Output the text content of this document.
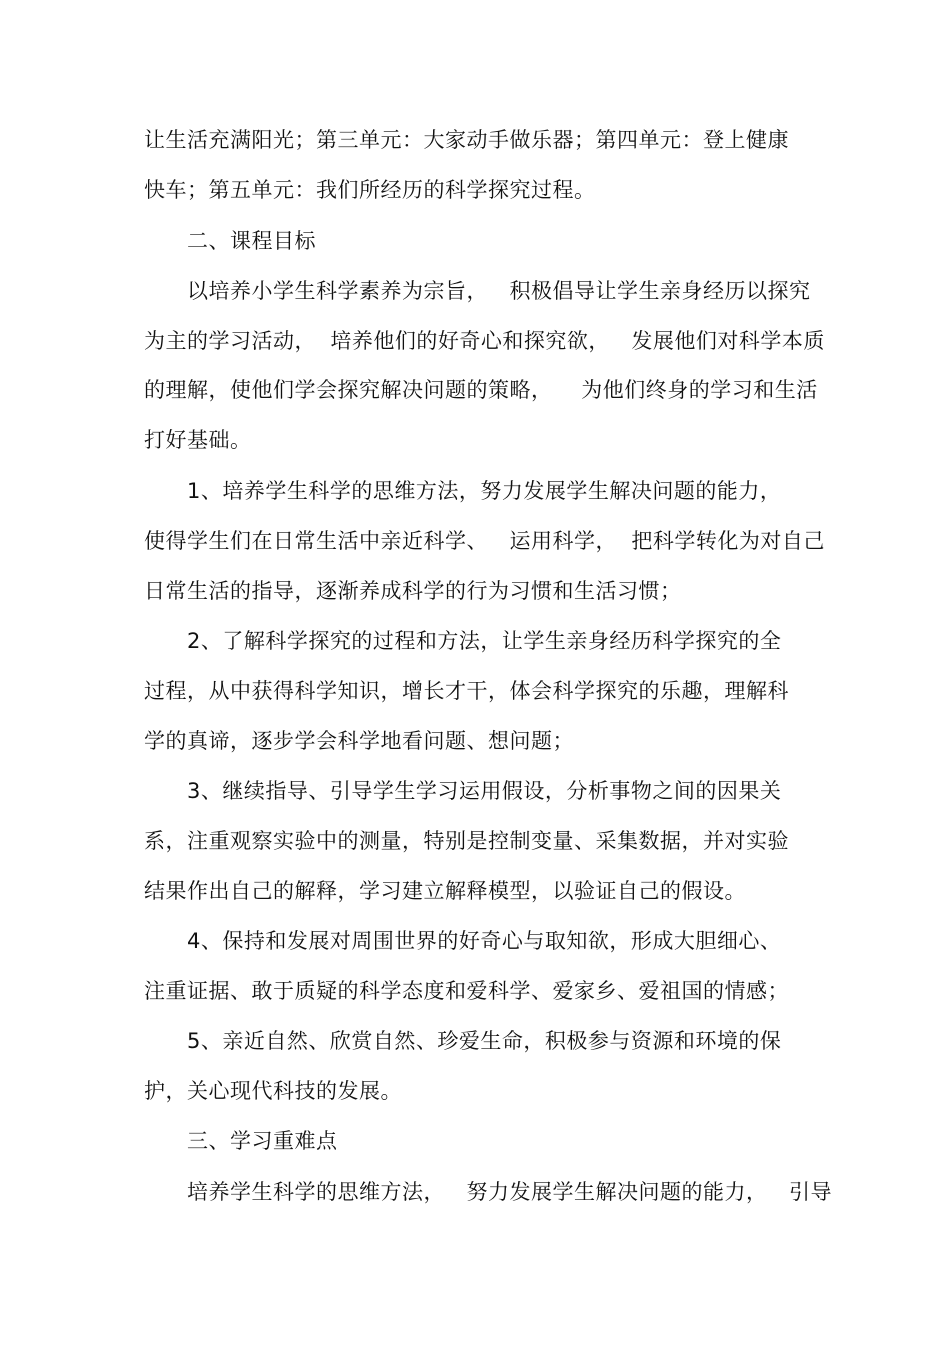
让生活充满阳光；第三单元：大家动手做乐器；第四单元：登上健康
快车；第五单元：我们所经历的科学探究过程。
二、课程目标
以培养小学生科学素养为宗旨，   积极倡导让学生亲身经历以探究
为主的学习活动，  培养他们的好奇心和探究欲，   发展他们对科学本质
的理解，使他们学会探究解决问题的策略，    为他们终身的学习和生活
打好基础。
1、培养学生科学的思维方法，努力发展学生解决问题的能力，
使得学生们在日常生活中亲近科学、   运用科学，  把科学转化为对自己
日常生活的指导，逐渐养成科学的行为习惯和生活习惯；
2、了解科学探究的过程和方法，让学生亲身经历科学探究的全
过程，从中获得科学知识，增长才干，体会科学探究的乐趣，理解科
学的真谛，逐步学会科学地看问题、想问题；
3、继续指导、引导学生学习运用假设，分析事物之间的因果关
系，注重观察实验中的测量，特别是控制变量、采集数据，并对实验
结果作出自己的解释，学习建立解释模型，以验证自己的假设。
4、保持和发展对周围世界的好奇心与取知欲，形成大胆细心、
注重证据、敢于质疑的科学态度和爱科学、爱家乡、爱祖国的情感；
5、亲近自然、欣赏自然、珍爱生命，积极参与资源和环境的保
护，关心现代科技的发展。
三、学习重难点
培养学生科学的思维方法，   努力发展学生解决问题的能力，   引导
